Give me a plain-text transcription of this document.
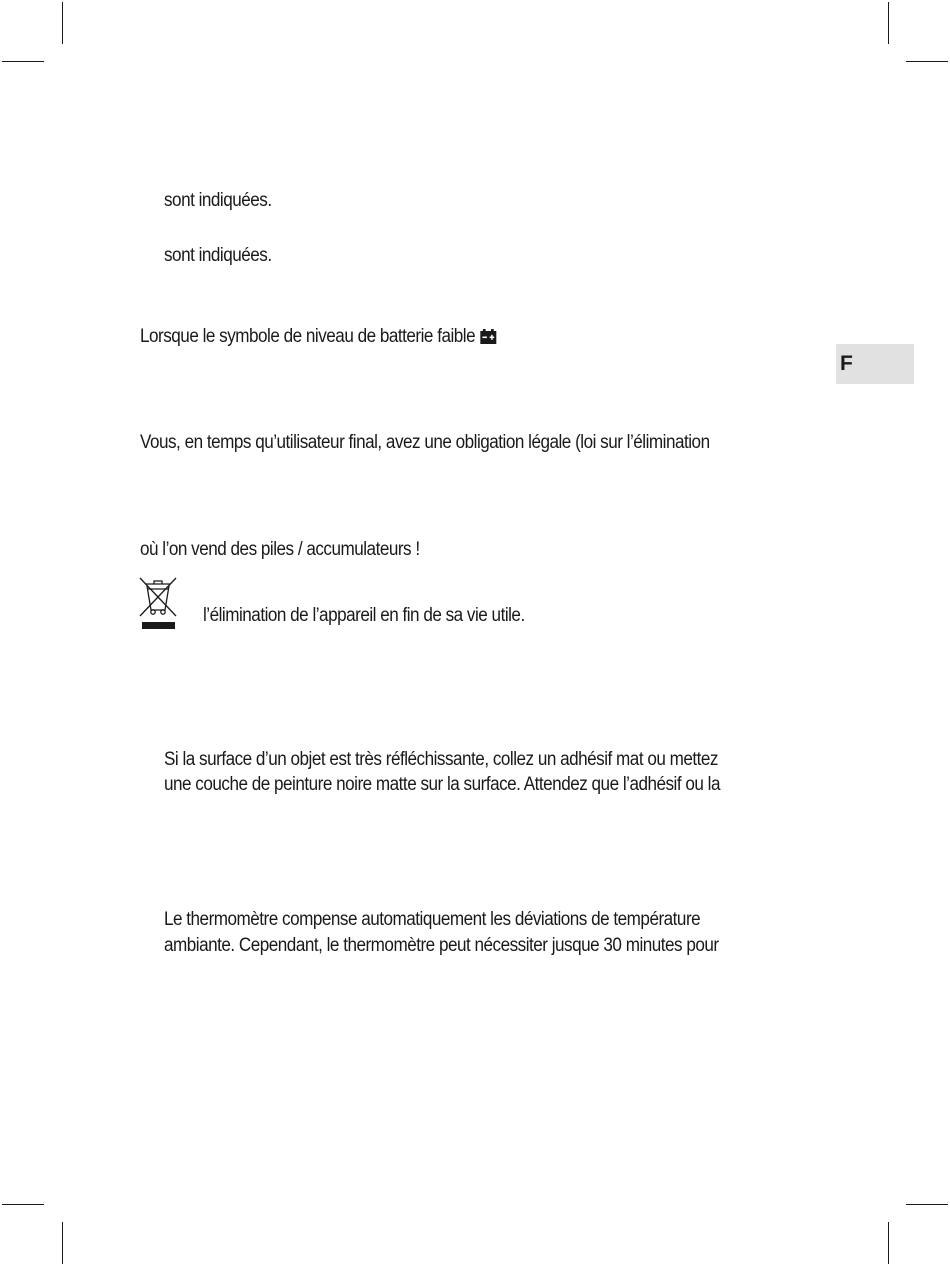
F
sont indiquées.
sont indiquées.
Lorsque le symbole de niveau de batterie faible
Vous, en temps qu’utilisateur final, avez une obligation légale (loi sur l’élimination
où l’on vend des piles / accumulateurs !
l’élimination de l’appareil en fin de sa vie utile.
Si la surface d’un objet est très réfléchissante, collez un adhésif mat ou mettez
une couche de peinture noire matte sur la surface. Attendez que l’adhésif ou la
Le thermomètre compense automatiquement les déviations de température
ambiante. Cependant, le thermomètre peut nécessiter jusque 30 minutes pour
